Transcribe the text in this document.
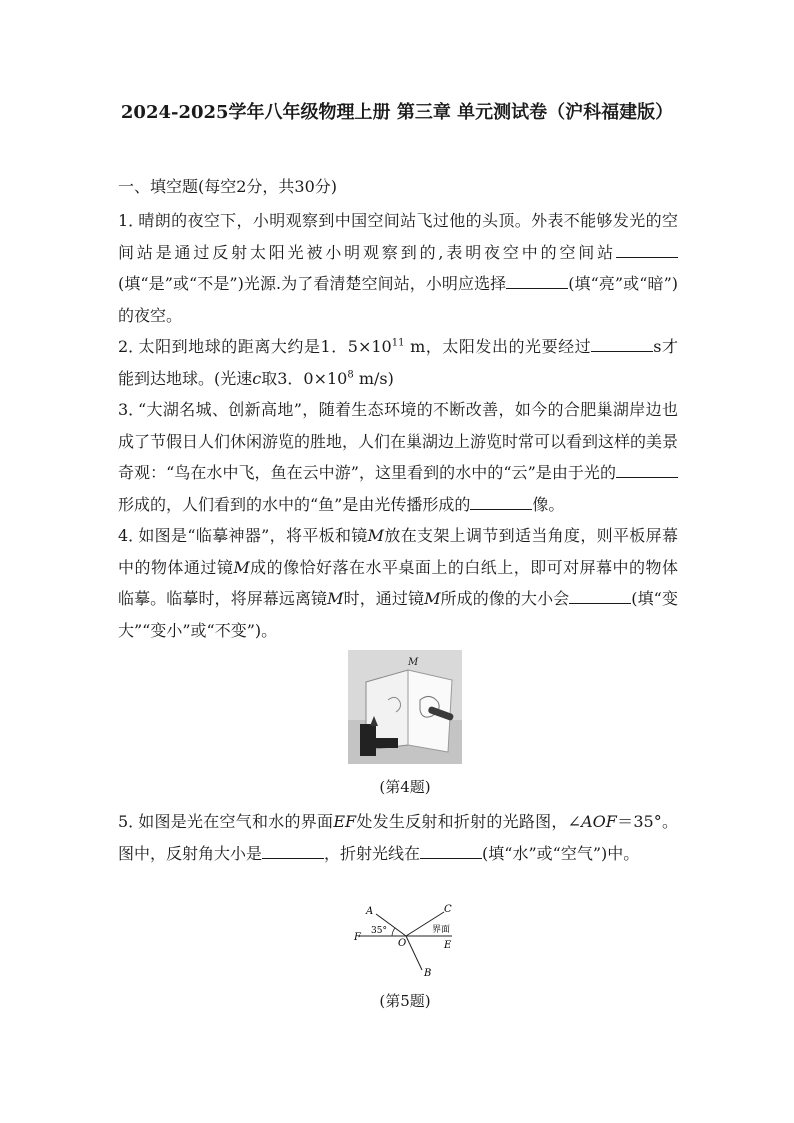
2024-2025学年八年级物理上册 第三章 单元测试卷（沪科福建版）
一、填空题(每空2分，共30分)
1．晴朗的夜空下，小明观察到中国空间站飞过他的头顶。外表不能够发光的空间站是通过反射太阳光被小明观察到的,表明夜空中的空间站(填“是”或“不是”)光源.为了看清楚空间站，小明应选择	(填“亮”或“暗”)的夜空。
2．太阳到地球的距离大约是1．$5\times 10^{11}$ m，太阳发出的光要经过	s才能到达地球。(光速c取3．$0\times 10^8$ m/s)
3．“大湖名城、创新高地”，随着生态环境的不断改善，如今的合肥巢湖岸边也成了节假日人们休闲游览的胜地，人们在巢湖边上游览时常可以看到这样的美景奇观：“鸟在水中飞，鱼在云中游”，这里看到的水中的“云”是由于光的形成的，人们看到的水中的“鱼”是由光传播形成的	像。
4．如图是“临摹神器”，将平板和镜M放在支架上调节到适当角度，则平板屏幕中的物体通过镜M成的像恰好落在水平桌面上的白纸上，即可对屏幕中的物体临摹。临摹时，将屏幕远离镜M时，通过镜M所成的像的大小会	(填“变大”“变小”或“不变”)。
M
(第4题)
5．如图是光在空气和水的界面EF处发生反射和折射的光路图，∠AOF＝35°。图中，反射角大小是	，折射光线在	(填“水”或“空气”)中。
A
F
35°
O
C
界面
E
B
(第5题)
